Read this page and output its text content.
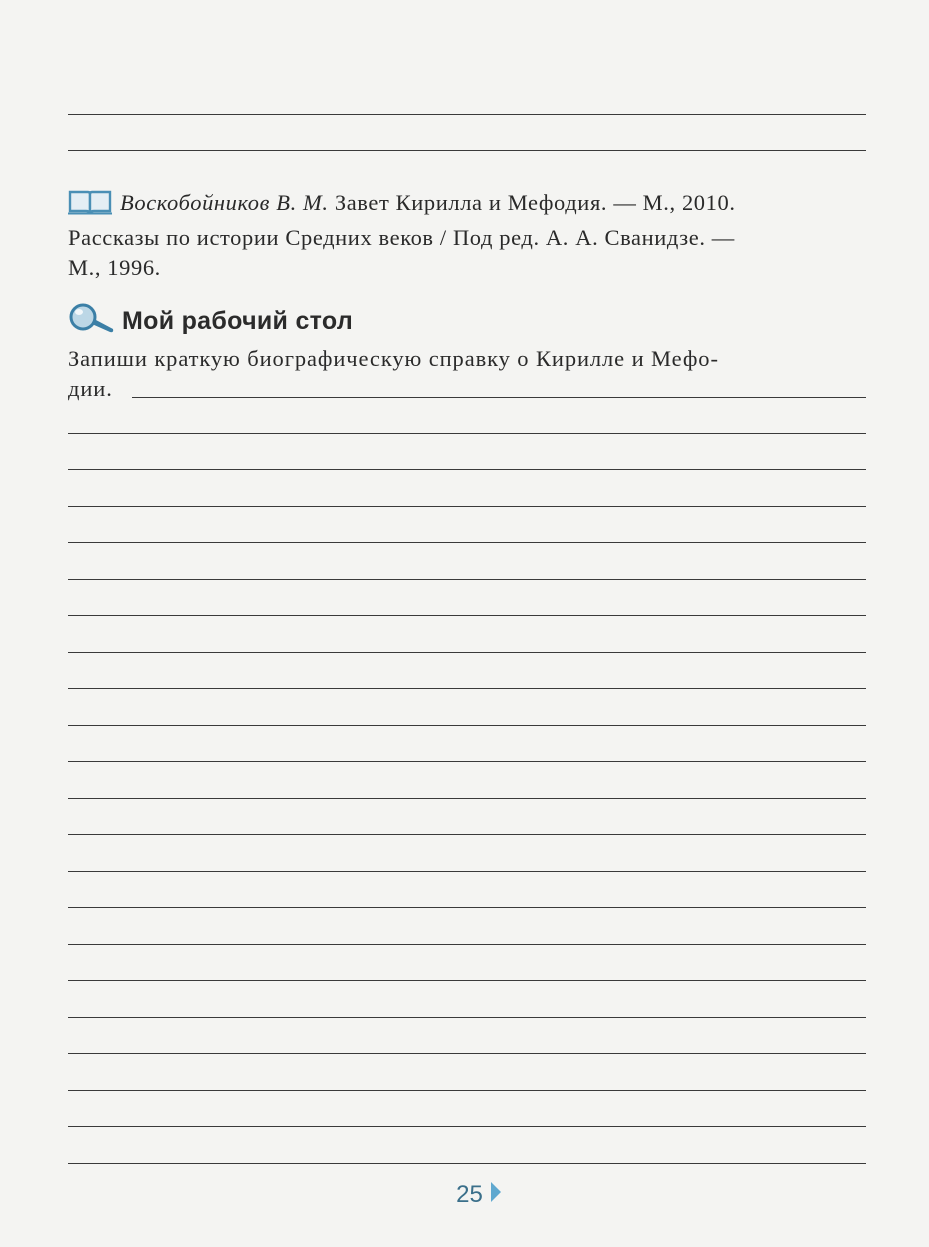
Воскобойников В. М. Завет Кирилла и Мефодия. — М., 2010.
Рассказы по истории Средних веков / Под ред. А. А. Сванидзе. —
М., 1996.
Мой рабочий стол
Запиши краткую биографическую справку о Кирилле и Мефо-
дии.
25
